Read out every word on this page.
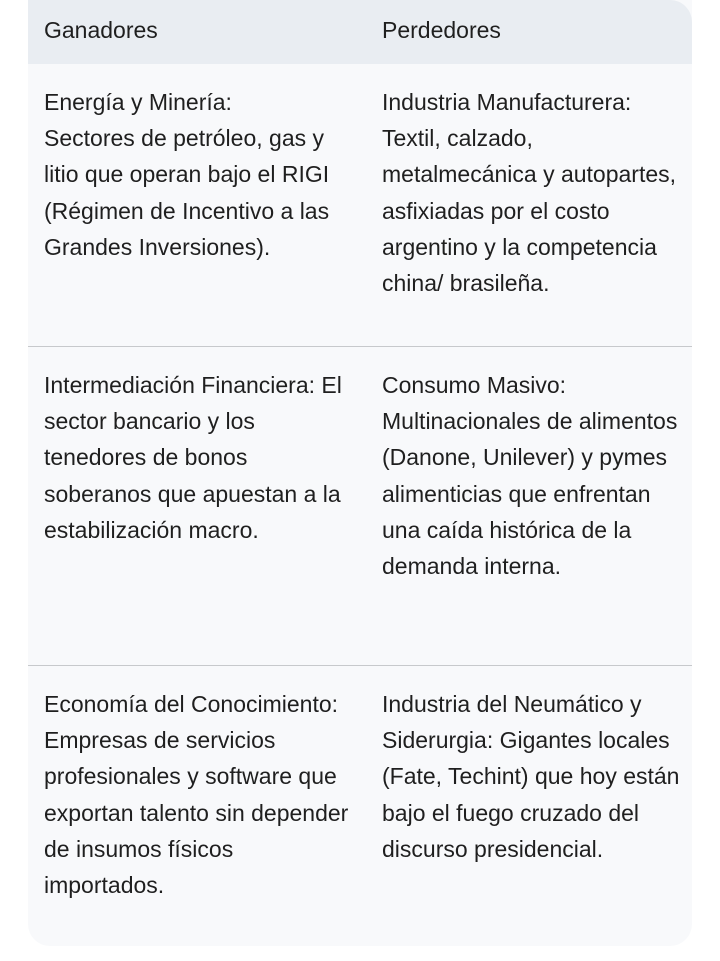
Ganadores	Perdedores
Energía y Minería:
Sectores de petróleo, gas y litio que operan bajo el RIGI (Régimen de Incentivo a las Grandes Inversiones).
Industria Manufacturera:
Textil, calzado, metalmecánica y autopartes, asfixiadas por el costo argentino y la competencia china/ brasileña.
Intermediación Financiera: El sector bancario y los tenedores de bonos soberanos que apuestan a la estabilización macro.
Consumo Masivo:
Multinacionales de alimentos (Danone, Unilever) y pymes alimenticias que enfrentan una caída histórica de la demanda interna.
Economía del Conocimiento: Empresas de servicios profesionales y software que exportan talento sin depender de insumos físicos importados.
Industria del Neumático y Siderurgia: Gigantes locales (Fate, Techint) que hoy están bajo el fuego cruzado del discurso presidencial.
